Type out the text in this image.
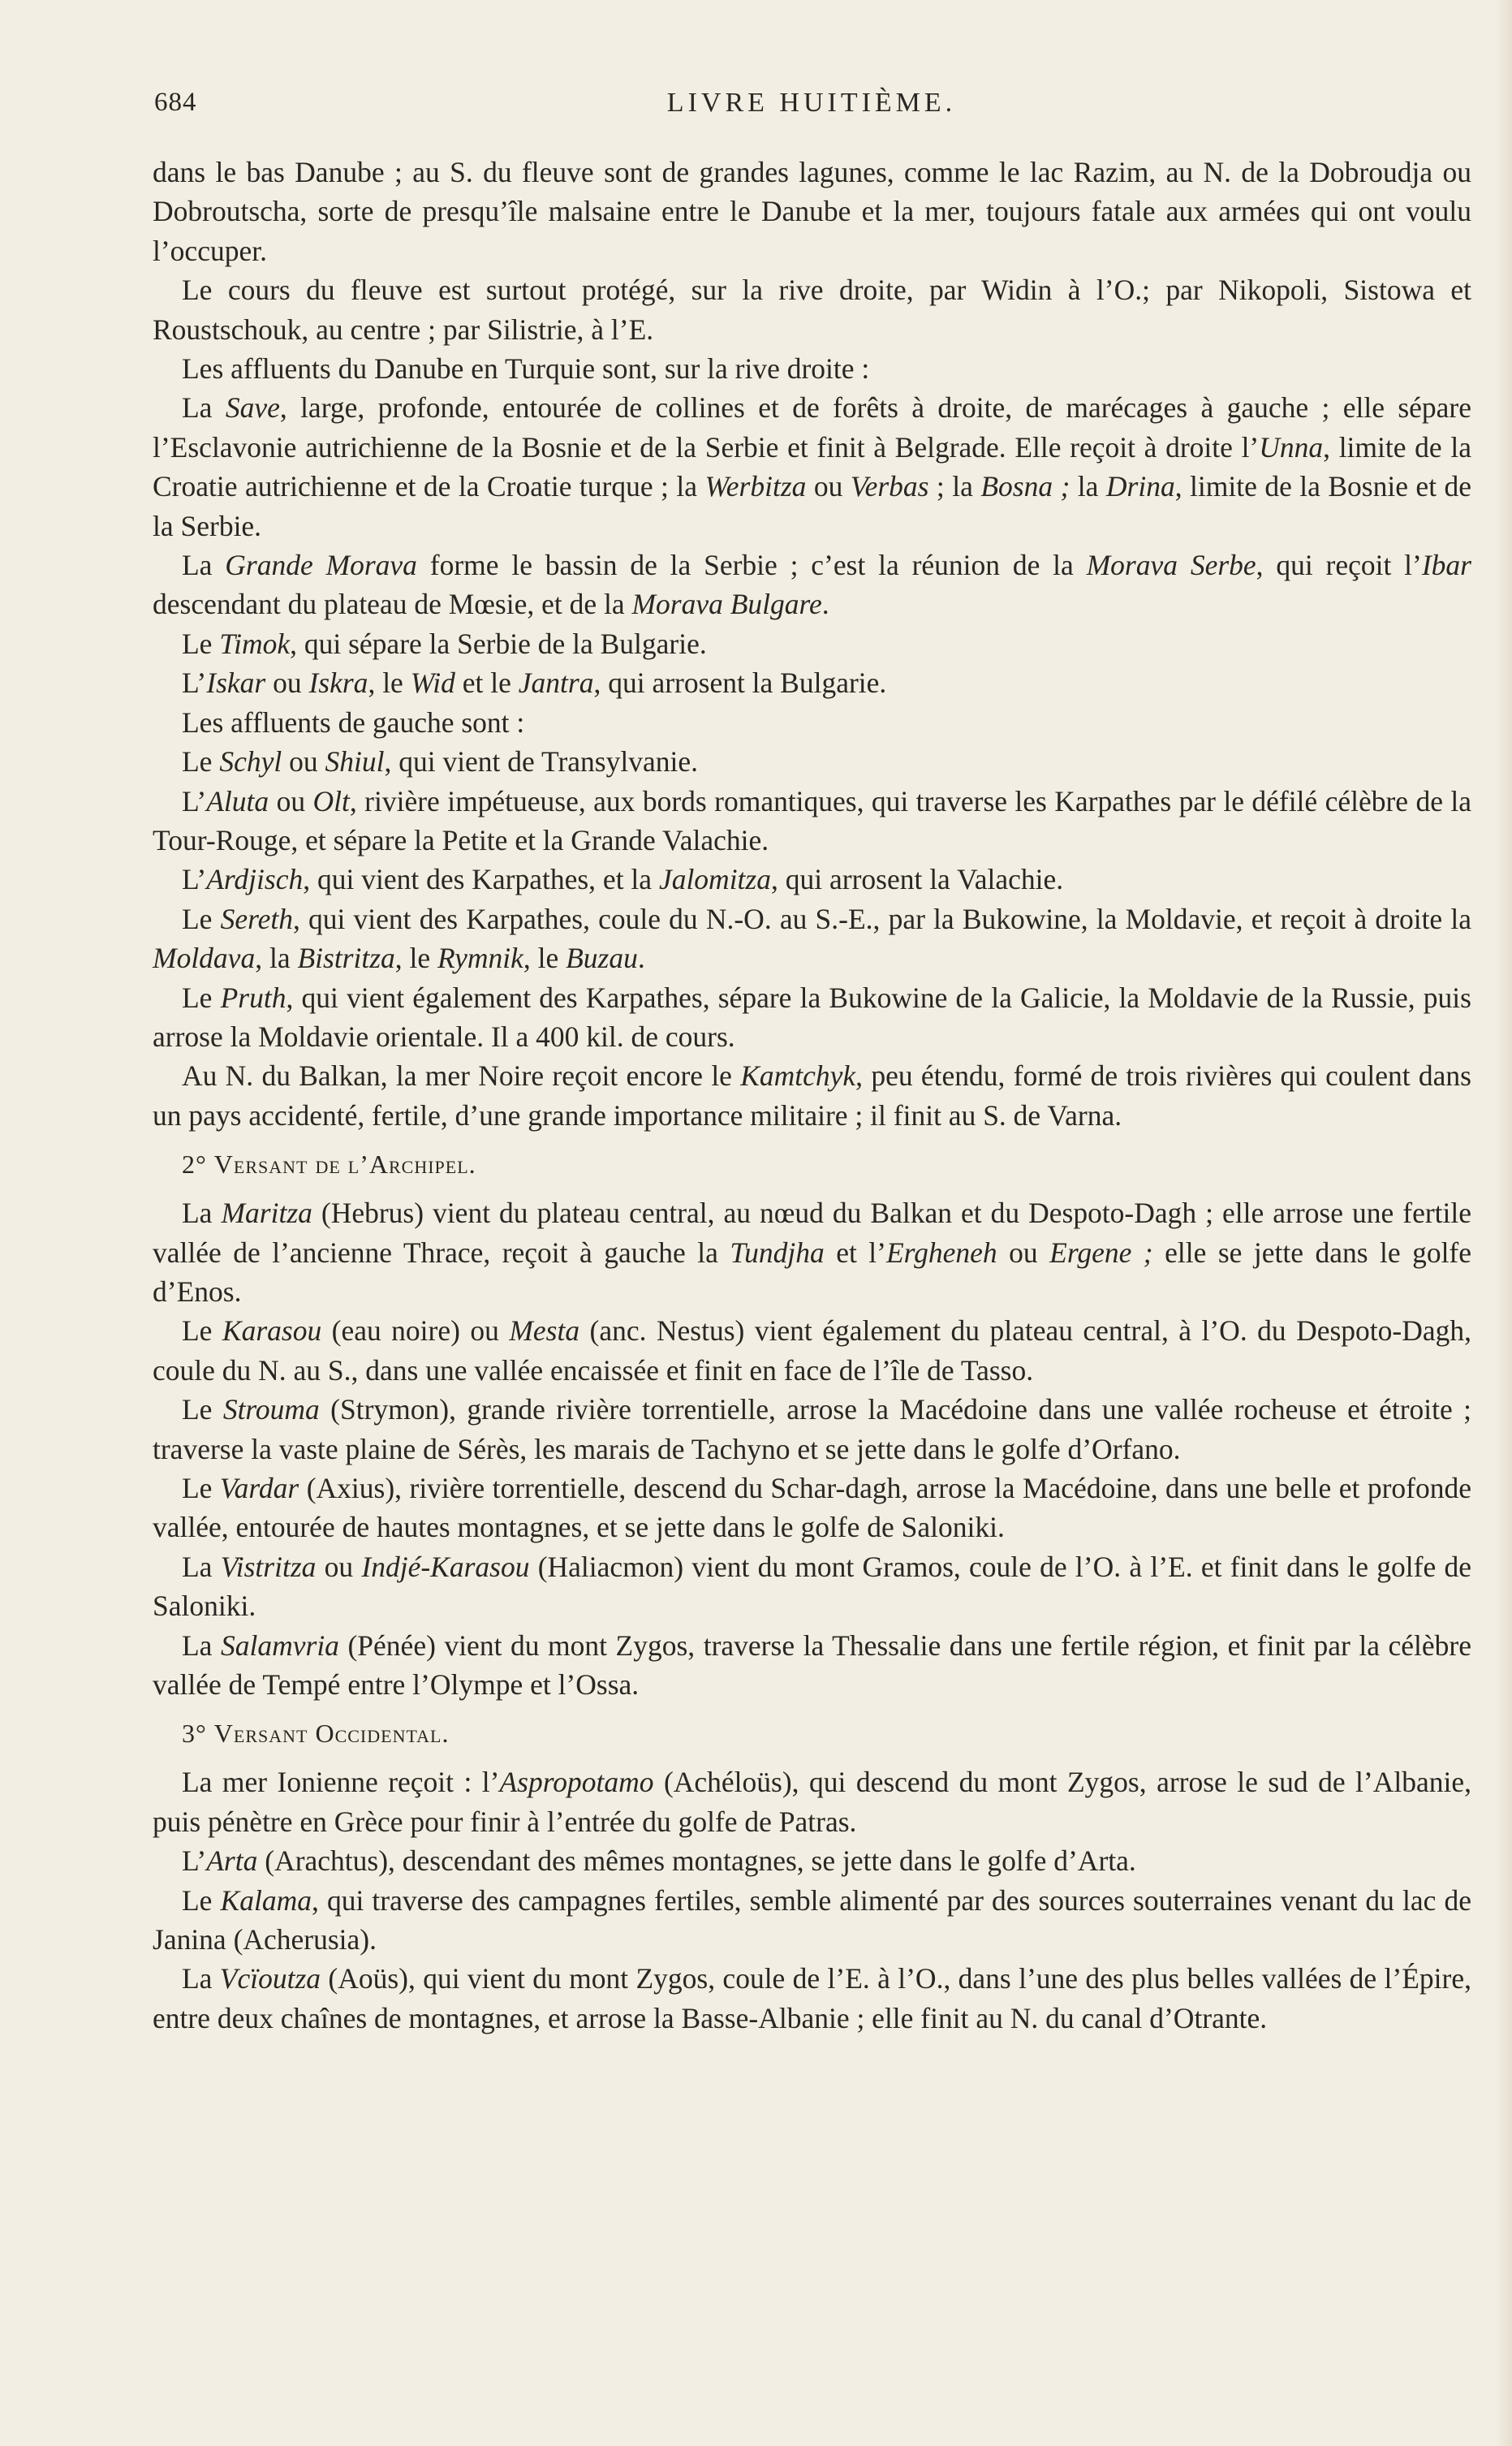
684	LIVRE HUITIÈME.

dans le bas Danube ; au S. du fleuve sont de grandes lagunes, comme le lac Razim, au N. de la Dobroudja ou Dobroutscha, sorte de presqu’île malsaine entre le Danube et la mer, toujours fatale aux armées qui ont voulu l’occuper.

Le cours du fleuve est surtout protégé, sur la rive droite, par Widin à l’O.; par Nikopoli, Sistowa et Roustschouk, au centre ; par Silistrie, à l’E.

Les affluents du Danube en Turquie sont, sur la rive droite :

La Save, large, profonde, entourée de collines et de forêts à droite, de marécages à gauche ; elle sépare l’Esclavonie autrichienne de la Bosnie et de la Serbie et finit à Belgrade. Elle reçoit à droite l’Unna, limite de la Croatie autrichienne et de la Croatie turque ; la Werbitza ou Verbas ; la Bosna ; la Drina, limite de la Bosnie et de la Serbie.

La Grande Morava forme le bassin de la Serbie ; c’est la réunion de la Morava Serbe, qui reçoit l’Ibar descendant du plateau de Mœsie, et de la Morava Bulgare.

Le Timok, qui sépare la Serbie de la Bulgarie.

L’Iskar ou Iskra, le Wid et le Jantra, qui arrosent la Bulgarie.

Les affluents de gauche sont :

Le Schyl ou Shiul, qui vient de Transylvanie.

L’Aluta ou Olt, rivière impétueuse, aux bords romantiques, qui traverse les Karpathes par le défilé célèbre de la Tour-Rouge, et sépare la Petite et la Grande Valachie.

L’Ardjisch, qui vient des Karpathes, et la Jalomitza, qui arrosent la Valachie.

Le Sereth, qui vient des Karpathes, coule du N.-O. au S.-E., par la Bukowine, la Moldavie, et reçoit à droite la Moldava, la Bistritza, le Rymnik, le Buzau.

Le Pruth, qui vient également des Karpathes, sépare la Bukowine de la Galicie, la Moldavie de la Russie, puis arrose la Moldavie orientale. Il a 400 kil. de cours.

Au N. du Balkan, la mer Noire reçoit encore le Kamtchyk, peu étendu, formé de trois rivières qui coulent dans un pays accidenté, fertile, d’une grande importance militaire ; il finit au S. de Varna.

2° Versant de l’Archipel.

La Maritza (Hebrus) vient du plateau central, au nœud du Balkan et du Despoto-Dagh ; elle arrose une fertile vallée de l’ancienne Thrace, reçoit à gauche la Tundjha et l’Ergheneh ou Ergene ; elle se jette dans le golfe d’Enos.

Le Karasou (eau noire) ou Mesta (anc. Nestus) vient également du plateau central, à l’O. du Despoto-Dagh, coule du N. au S., dans une vallée encaissée et finit en face de l’île de Tasso.

Le Strouma (Strymon), grande rivière torrentielle, arrose la Macédoine dans une vallée rocheuse et étroite ; traverse la vaste plaine de Sérès, les marais de Tachyno et se jette dans le golfe d’Orfano.

Le Vardar (Axius), rivière torrentielle, descend du Schar-dagh, arrose la Macédoine, dans une belle et profonde vallée, entourée de hautes montagnes, et se jette dans le golfe de Saloniki.

La Vistritza ou Indjé-Karasou (Haliacmon) vient du mont Gramos, coule de l’O. à l’E. et finit dans le golfe de Saloniki.

La Salamvria (Pénée) vient du mont Zygos, traverse la Thessalie dans une fertile région, et finit par la célèbre vallée de Tempé entre l’Olympe et l’Ossa.

3° Versant Occidental.

La mer Ionienne reçoit : l’Aspropotamo (Achéloüs), qui descend du mont Zygos, arrose le sud de l’Albanie, puis pénètre en Grèce pour finir à l’entrée du golfe de Patras.

L’Arta (Arachtus), descendant des mêmes montagnes, se jette dans le golfe d’Arta.

Le Kalama, qui traverse des campagnes fertiles, semble alimenté par des sources souterraines venant du lac de Janina (Acherusia).

La Vcïoutza (Aoüs), qui vient du mont Zygos, coule de l’E. à l’O., dans l’une des plus belles vallées de l’Épire, entre deux chaînes de montagnes, et arrose la Basse-Albanie ; elle finit au N. du canal d’Otrante.
